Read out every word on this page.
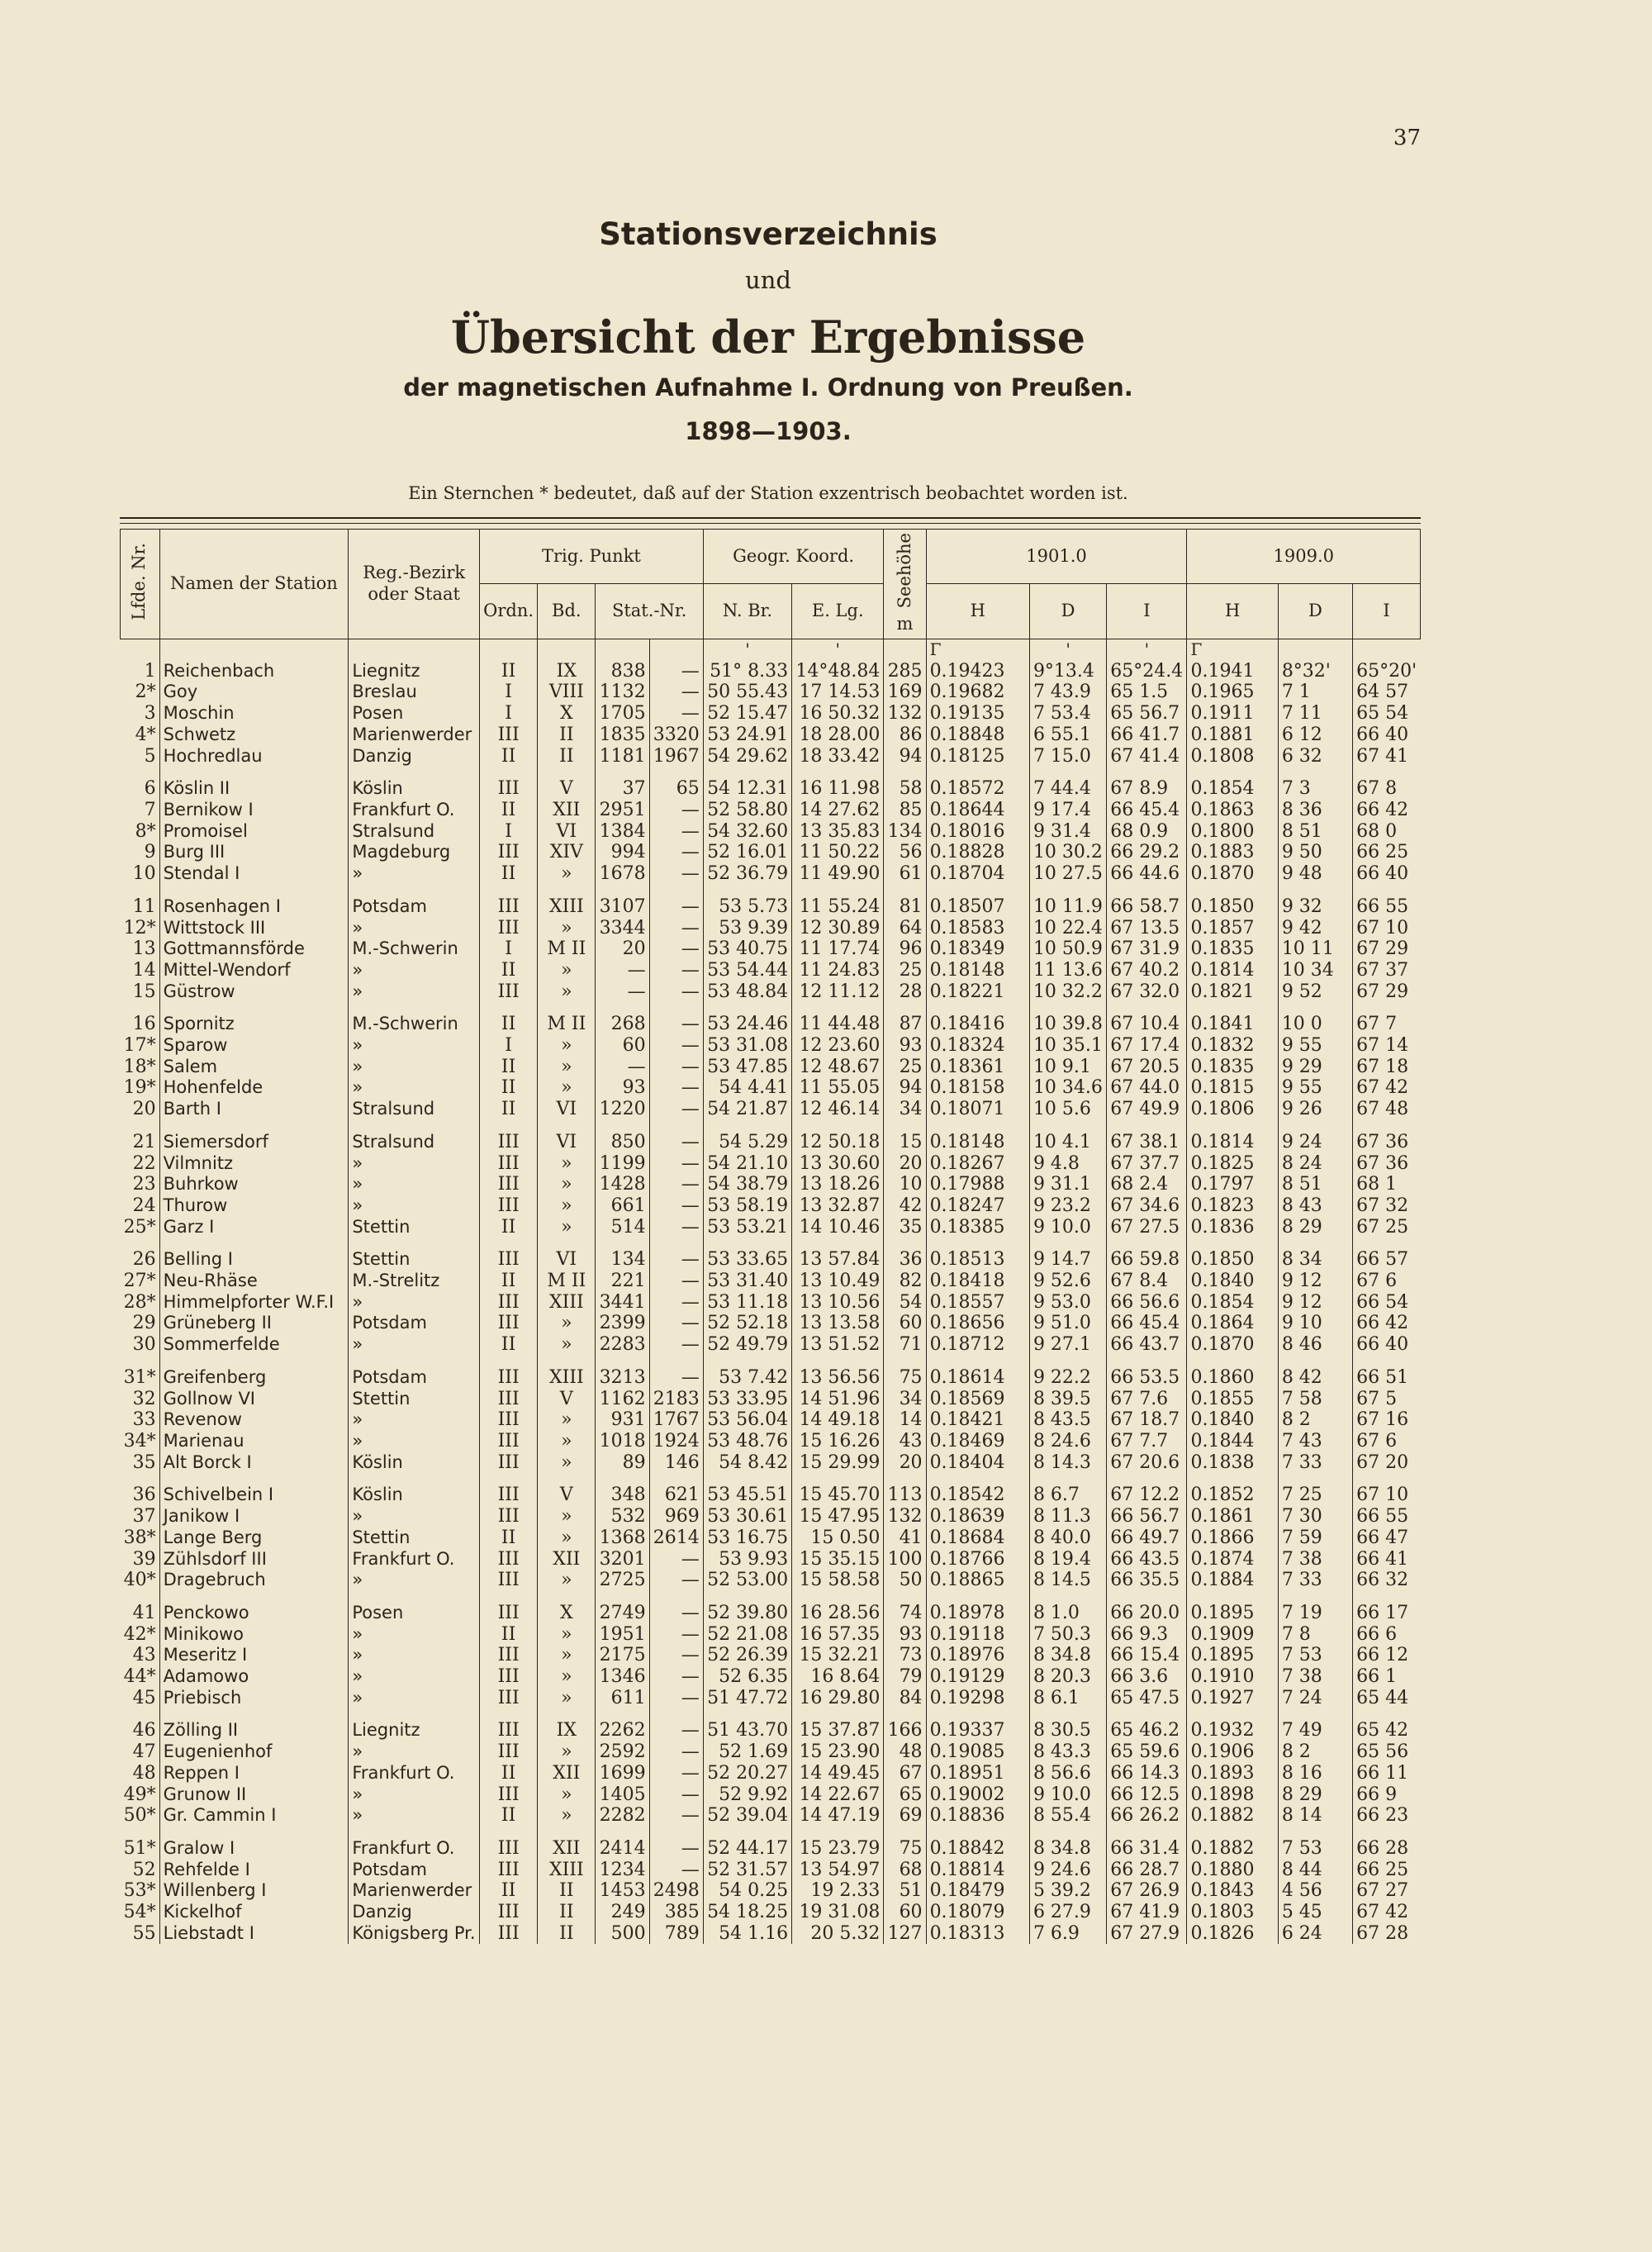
37
Stationsverzeichnis
und
Übersicht der Ergebnisse
der magnetischen Aufnahme I. Ordnung von Preußen.
1898—1903.
Ein Sternchen * bedeutet, daß auf der Station exzentrisch beobachtet worden ist.
Lfde. Nr.	Namen der Station	Reg.-Bezirk oder Staat	Trig. Punkt				Geogr. Koord.		Seehöhe m	1901.0			1909.0		
			Ordn.	Bd.	Stat.-Nr.		N. Br.	E. Lg.		H	D	I	H	D	I
							'	'		Γ	'	'	Γ		
1	Reichenbach	Liegnitz	II	IX	838	—	51° 8.33	14°48.84	285	0.19423	9°13.4	65°24.4	0.1941	8°32'	65°20'
2*	Goy	Breslau	I	VIII	1132	—	50 55.43	17 14.53	169	0.19682	7 43.9	65 1.5	0.1965	7 1	64 57
3	Moschin	Posen	I	X	1705	—	52 15.47	16 50.32	132	0.19135	7 53.4	65 56.7	0.1911	7 11	65 54
4*	Schwetz	Marienwerder	III	II	1835	3320	53 24.91	18 28.00	86	0.18848	6 55.1	66 41.7	0.1881	6 12	66 40
5	Hochredlau	Danzig	II	II	1181	1967	54 29.62	18 33.42	94	0.18125	7 15.0	67 41.4	0.1808	6 32	67 41

6	Köslin II	Köslin	III	V	37	65	54 12.31	16 11.98	58	0.18572	7 44.4	67 8.9	0.1854	7 3	67 8
7	Bernikow I	Frankfurt O.	II	XII	2951	—	52 58.80	14 27.62	85	0.18644	9 17.4	66 45.4	0.1863	8 36	66 42
8*	Promoisel	Stralsund	I	VI	1384	—	54 32.60	13 35.83	134	0.18016	9 31.4	68 0.9	0.1800	8 51	68 0
9	Burg III	Magdeburg	III	XIV	994	—	52 16.01	11 50.22	56	0.18828	10 30.2	66 29.2	0.1883	9 50	66 25
10	Stendal I	»	II	»	1678	—	52 36.79	11 49.90	61	0.18704	10 27.5	66 44.6	0.1870	9 48	66 40

11	Rosenhagen I	Potsdam	III	XIII	3107	—	53 5.73	11 55.24	81	0.18507	10 11.9	66 58.7	0.1850	9 32	66 55
12*	Wittstock III	»	III	»	3344	—	53 9.39	12 30.89	64	0.18583	10 22.4	67 13.5	0.1857	9 42	67 10
13	Gottmannsförde	M.-Schwerin	I	M II	20	—	53 40.75	11 17.74	96	0.18349	10 50.9	67 31.9	0.1835	10 11	67 29
14	Mittel-Wendorf	»	II	»	—	—	53 54.44	11 24.83	25	0.18148	11 13.6	67 40.2	0.1814	10 34	67 37
15	Güstrow	»	III	»	—	—	53 48.84	12 11.12	28	0.18221	10 32.2	67 32.0	0.1821	9 52	67 29

16	Spornitz	M.-Schwerin	II	M II	268	—	53 24.46	11 44.48	87	0.18416	10 39.8	67 10.4	0.1841	10 0	67 7
17*	Sparow	»	I	»	60	—	53 31.08	12 23.60	93	0.18324	10 35.1	67 17.4	0.1832	9 55	67 14
18*	Salem	»	II	»	—	—	53 47.85	12 48.67	25	0.18361	10 9.1	67 20.5	0.1835	9 29	67 18
19*	Hohenfelde	»	II	»	93	—	54 4.41	11 55.05	94	0.18158	10 34.6	67 44.0	0.1815	9 55	67 42
20	Barth I	Stralsund	II	VI	1220	—	54 21.87	12 46.14	34	0.18071	10 5.6	67 49.9	0.1806	9 26	67 48

21	Siemersdorf	Stralsund	III	VI	850	—	54 5.29	12 50.18	15	0.18148	10 4.1	67 38.1	0.1814	9 24	67 36
22	Vilmnitz	»	III	»	1199	—	54 21.10	13 30.60	20	0.18267	9 4.8	67 37.7	0.1825	8 24	67 36
23	Buhrkow	»	III	»	1428	—	54 38.79	13 18.26	10	0.17988	9 31.1	68 2.4	0.1797	8 51	68 1
24	Thurow	»	III	»	661	—	53 58.19	13 32.87	42	0.18247	9 23.2	67 34.6	0.1823	8 43	67 32
25*	Garz I	Stettin	II	»	514	—	53 53.21	14 10.46	35	0.18385	9 10.0	67 27.5	0.1836	8 29	67 25

26	Belling I	Stettin	III	VI	134	—	53 33.65	13 57.84	36	0.18513	9 14.7	66 59.8	0.1850	8 34	66 57
27*	Neu-Rhäse	M.-Strelitz	II	M II	221	—	53 31.40	13 10.49	82	0.18418	9 52.6	67 8.4	0.1840	9 12	67 6
28*	Himmelpforter W.F.I	»	III	XIII	3441	—	53 11.18	13 10.56	54	0.18557	9 53.0	66 56.6	0.1854	9 12	66 54
29	Grüneberg II	Potsdam	III	»	2399	—	52 52.18	13 13.58	60	0.18656	9 51.0	66 45.4	0.1864	9 10	66 42
30	Sommerfelde	»	II	»	2283	—	52 49.79	13 51.52	71	0.18712	9 27.1	66 43.7	0.1870	8 46	66 40

31*	Greifenberg	Potsdam	III	XIII	3213	—	53 7.42	13 56.56	75	0.18614	9 22.2	66 53.5	0.1860	8 42	66 51
32	Gollnow VI	Stettin	III	V	1162	2183	53 33.95	14 51.96	34	0.18569	8 39.5	67 7.6	0.1855	7 58	67 5
33	Revenow	»	III	»	931	1767	53 56.04	14 49.18	14	0.18421	8 43.5	67 18.7	0.1840	8 2	67 16
34*	Marienau	»	III	»	1018	1924	53 48.76	15 16.26	43	0.18469	8 24.6	67 7.7	0.1844	7 43	67 6
35	Alt Borck I	Köslin	III	»	89	146	54 8.42	15 29.99	20	0.18404	8 14.3	67 20.6	0.1838	7 33	67 20

36	Schivelbein I	Köslin	III	V	348	621	53 45.51	15 45.70	113	0.18542	8 6.7	67 12.2	0.1852	7 25	67 10
37	Janikow I	»	III	»	532	969	53 30.61	15 47.95	132	0.18639	8 11.3	66 56.7	0.1861	7 30	66 55
38*	Lange Berg	Stettin	II	»	1368	2614	53 16.75	15 0.50	41	0.18684	8 40.0	66 49.7	0.1866	7 59	66 47
39	Zühlsdorf III	Frankfurt O.	III	XII	3201	—	53 9.93	15 35.15	100	0.18766	8 19.4	66 43.5	0.1874	7 38	66 41
40*	Dragebruch	»	III	»	2725	—	52 53.00	15 58.58	50	0.18865	8 14.5	66 35.5	0.1884	7 33	66 32

41	Penckowo	Posen	III	X	2749	—	52 39.80	16 28.56	74	0.18978	8 1.0	66 20.0	0.1895	7 19	66 17
42*	Minikowo	»	II	»	1951	—	52 21.08	16 57.35	93	0.19118	7 50.3	66 9.3	0.1909	7 8	66 6
43	Meseritz I	»	III	»	2175	—	52 26.39	15 32.21	73	0.18976	8 34.8	66 15.4	0.1895	7 53	66 12
44*	Adamowo	»	III	»	1346	—	52 6.35	16 8.64	79	0.19129	8 20.3	66 3.6	0.1910	7 38	66 1
45	Priebisch	»	III	»	611	—	51 47.72	16 29.80	84	0.19298	8 6.1	65 47.5	0.1927	7 24	65 44

46	Zölling II	Liegnitz	III	IX	2262	—	51 43.70	15 37.87	166	0.19337	8 30.5	65 46.2	0.1932	7 49	65 42
47	Eugenienhof	»	III	»	2592	—	52 1.69	15 23.90	48	0.19085	8 43.3	65 59.6	0.1906	8 2	65 56
48	Reppen I	Frankfurt O.	II	XII	1699	—	52 20.27	14 49.45	67	0.18951	8 56.6	66 14.3	0.1893	8 16	66 11
49*	Grunow II	»	III	»	1405	—	52 9.92	14 22.67	65	0.19002	9 10.0	66 12.5	0.1898	8 29	66 9
50*	Gr. Cammin I	»	II	»	2282	—	52 39.04	14 47.19	69	0.18836	8 55.4	66 26.2	0.1882	8 14	66 23

51*	Gralow I	Frankfurt O.	III	XII	2414	—	52 44.17	15 23.79	75	0.18842	8 34.8	66 31.4	0.1882	7 53	66 28
52	Rehfelde I	Potsdam	III	XIII	1234	—	52 31.57	13 54.97	68	0.18814	9 24.6	66 28.7	0.1880	8 44	66 25
53*	Willenberg I	Marienwerder	II	II	1453	2498	54 0.25	19 2.33	51	0.18479	5 39.2	67 26.9	0.1843	4 56	67 27
54*	Kickelhof	Danzig	III	II	249	385	54 18.25	19 31.08	60	0.18079	6 27.9	67 41.9	0.1803	5 45	67 42
55	Liebstadt I	Königsberg Pr.	III	II	500	789	54 1.16	20 5.32	127	0.18313	7 6.9	67 27.9	0.1826	6 24	67 28
